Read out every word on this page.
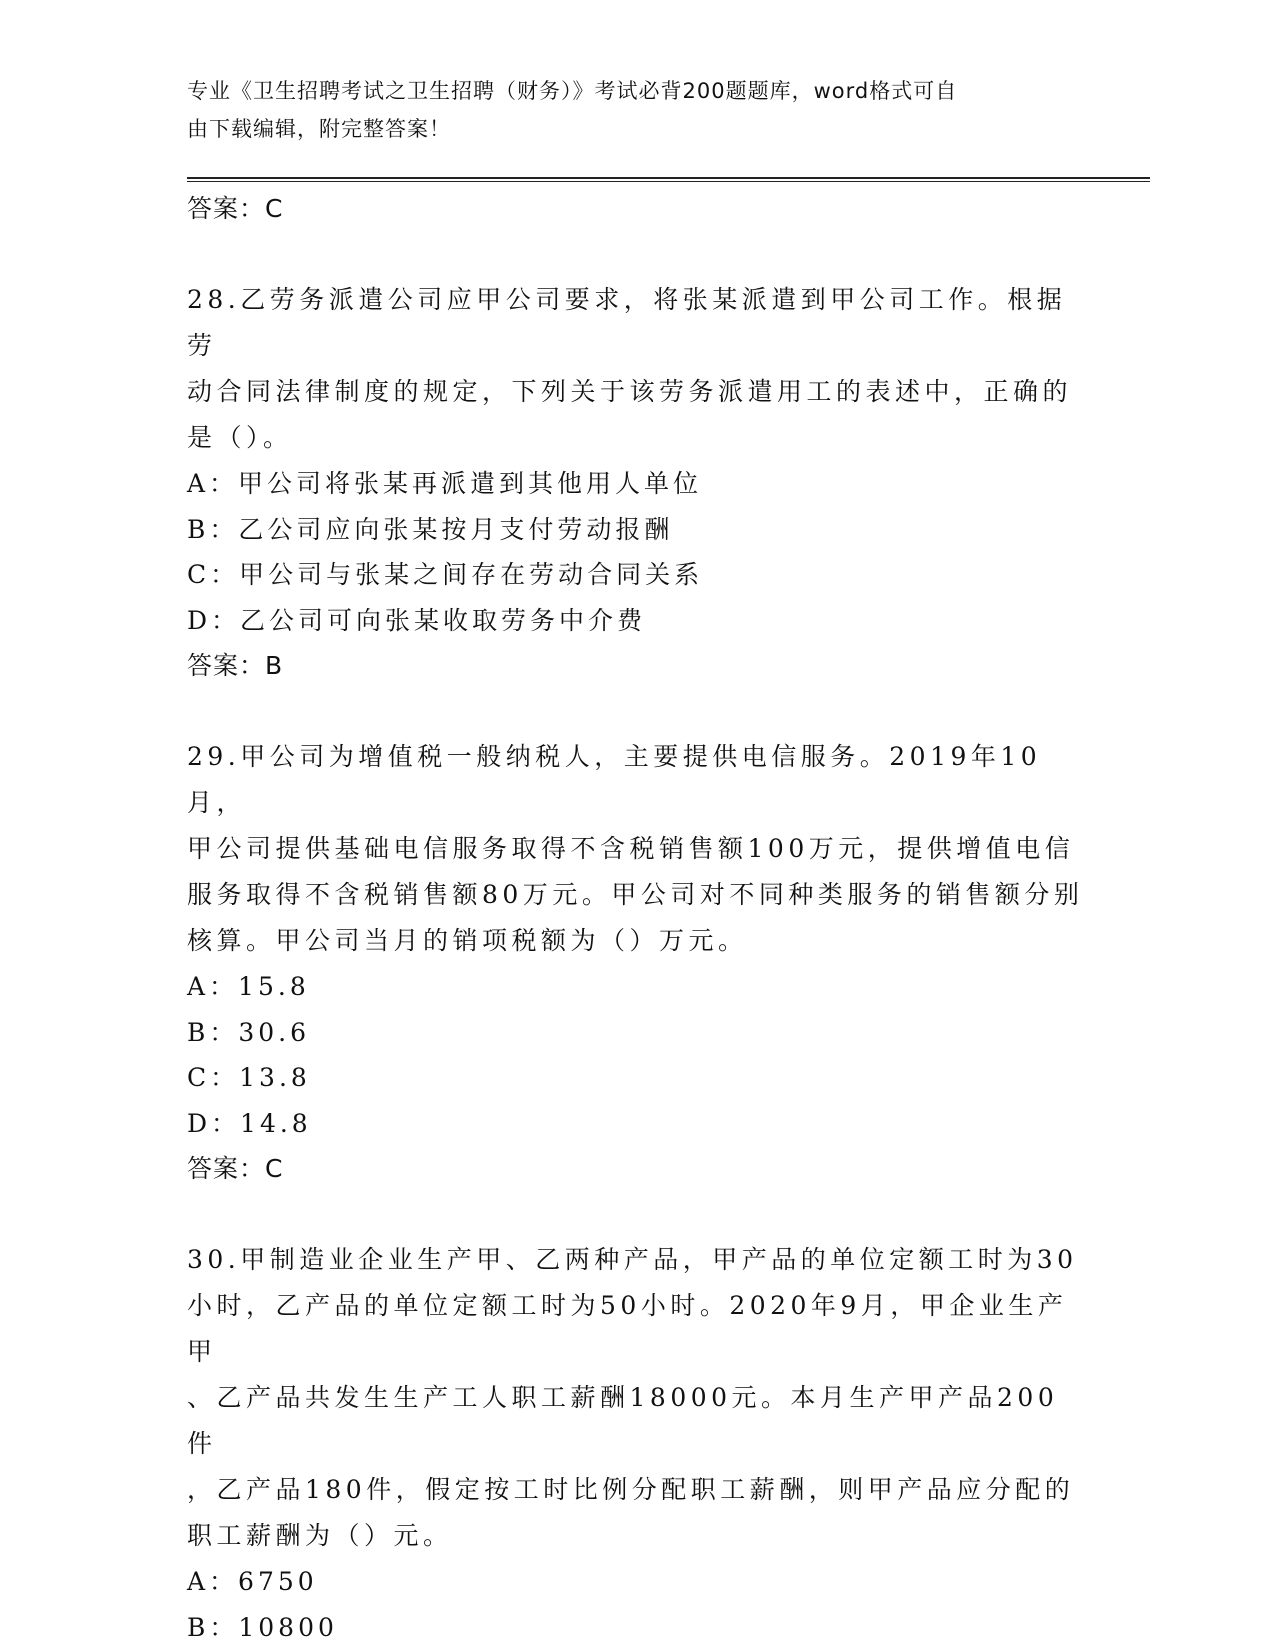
专业《卫生招聘考试之卫生招聘（财务）》考试必背200题题库，word格式可自
由下载编辑，附完整答案！
答案：C
28.乙劳务派遣公司应甲公司要求，将张某派遣到甲公司工作。根据劳
动合同法律制度的规定，下列关于该劳务派遣用工的表述中，正确的
是（）。
A：甲公司将张某再派遣到其他用人单位
B：乙公司应向张某按月支付劳动报酬
C：甲公司与张某之间存在劳动合同关系
D：乙公司可向张某收取劳务中介费
答案：B
29.甲公司为增值税一般纳税人，主要提供电信服务。2019年10月，
甲公司提供基础电信服务取得不含税销售额100万元，提供增值电信
服务取得不含税销售额80万元。甲公司对不同种类服务的销售额分别
核算。甲公司当月的销项税额为（）万元。
A：15.8
B：30.6
C：13.8
D：14.8
答案：C
30.甲制造业企业生产甲、乙两种产品，甲产品的单位定额工时为30
小时，乙产品的单位定额工时为50小时。2020年9月，甲企业生产甲
、乙产品共发生生产工人职工薪酬18000元。本月生产甲产品200件
，乙产品180件，假定按工时比例分配职工薪酬，则甲产品应分配的
职工薪酬为（）元。
A：6750
B：10800
